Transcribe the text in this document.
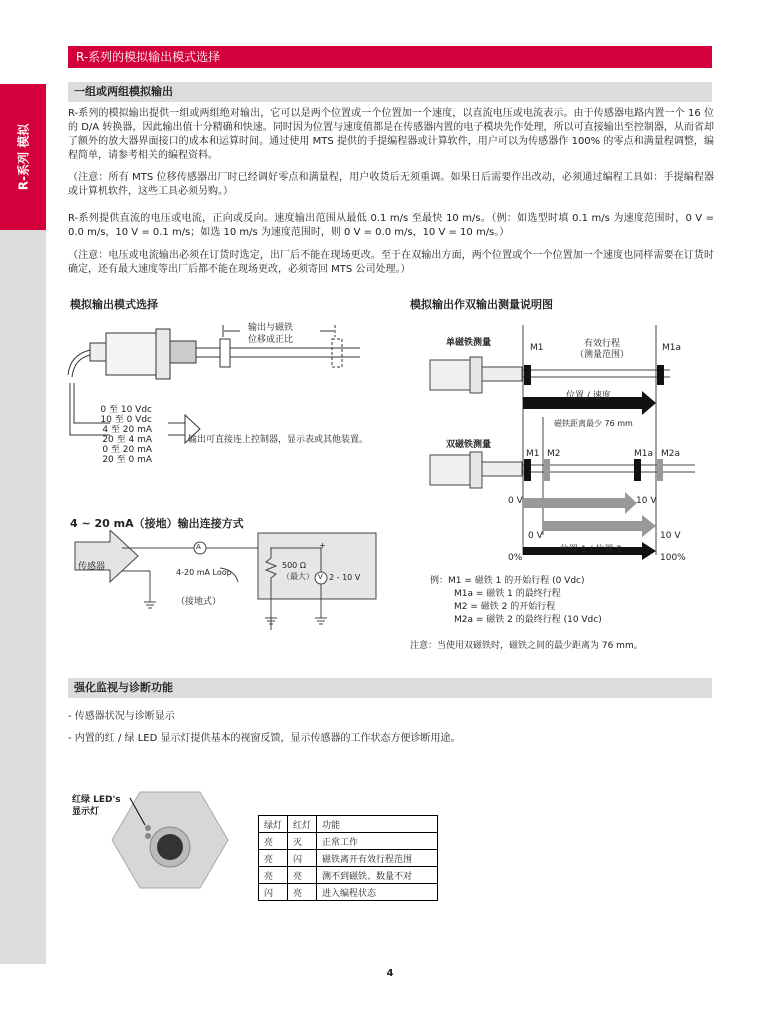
R-系列的模拟输出模式选择
R-系列 模拟
一组或两组模拟输出
R-系列的模拟输出提供一组或两组绝对输出，它可以是两个位置或一个位置加一个速度，以直流电压或电流表示。由于传感器电路内置一个 16 位的 D/A 转换器，因此输出值十分精确和快速。同时因为位置与速度值都是在传感器内置的电子模块先作处理，所以可直接输出至控制器，从而省却了额外的放大器界面接口的成本和运算时间。通过使用 MTS 提供的手提编程器或计算软件，用户可以为传感器作 100% 的零点和满量程调整，编程简单，请参考相关的编程资料。
（注意：所有 MTS 位移传感器出厂时已经调好零点和满量程，用户收货后无须重调。如果日后需要作出改动，必须通过编程工具如：手提编程器或计算机软件，这些工具必须另购。）
R-系列提供直流的电压或电流，正向或反向。速度输出范围从最低 0.1 m/s 至最快 10 m/s。（例：如选型时填 0.1 m/s 为速度范围时，0 V = 0.0 m/s，10 V = 0.1 m/s；如选 10 m/s 为速度范围时，则 0 V = 0.0 m/s，10 V = 10 m/s。）
（注意：电压或电流输出必须在订货时选定，出厂后不能在现场更改。至于在双输出方面，两个位置或个一个位置加一个速度也同样需要在订货时确定，还有最大速度等出厂后都不能在现场更改，必须寄回 MTS 公司处理。）
模拟输出模式选择
输出与磁铁
位移成正比
0 至 10 Vdc
10 至 0 Vdc
4 至 20 mA
20 至 4 mA
0 至 20 mA
20 至 0 mA
输出可直接连上控制器，显示表或其他装置。
4 ~ 20 mA（接地）输出连接方式
传感器
A
4-20 mA Loop
（接地式）
500 Ω
（最大） V 2 - 10 V
+
-
模拟输出作双输出测量说明图
单磁铁测量
双磁铁测量
M1	M1a
有效行程
（测量范围）
位置 / 速度
磁铁距离最少 76 mm
M1 M2	M1a M2a
0 V	10 V
0 V	10 V
位置 1 / 位置 2
0%	100%
例：M1 = 磁铁 1 的开始行程 (0 Vdc)
M1a = 磁铁 1 的最终行程
M2 = 磁铁 2 的开始行程
M2a = 磁铁 2 的最终行程 (10 Vdc)
注意：当使用双磁铁时，磁铁之间的最少距离为 76 mm。
强化监视与诊断功能
- 传感器状况与诊断显示
- 内置的红 / 绿 LED 显示灯提供基本的视窗反馈，显示传感器的工作状态方便诊断用途。
红绿 LED's
显示灯
绿灯	红灯	功能
亮	灭	正常工作
亮	闪	磁铁离开有效行程范围
亮	亮	测不到磁铁、数量不对
闪	亮	进入编程状态
4
